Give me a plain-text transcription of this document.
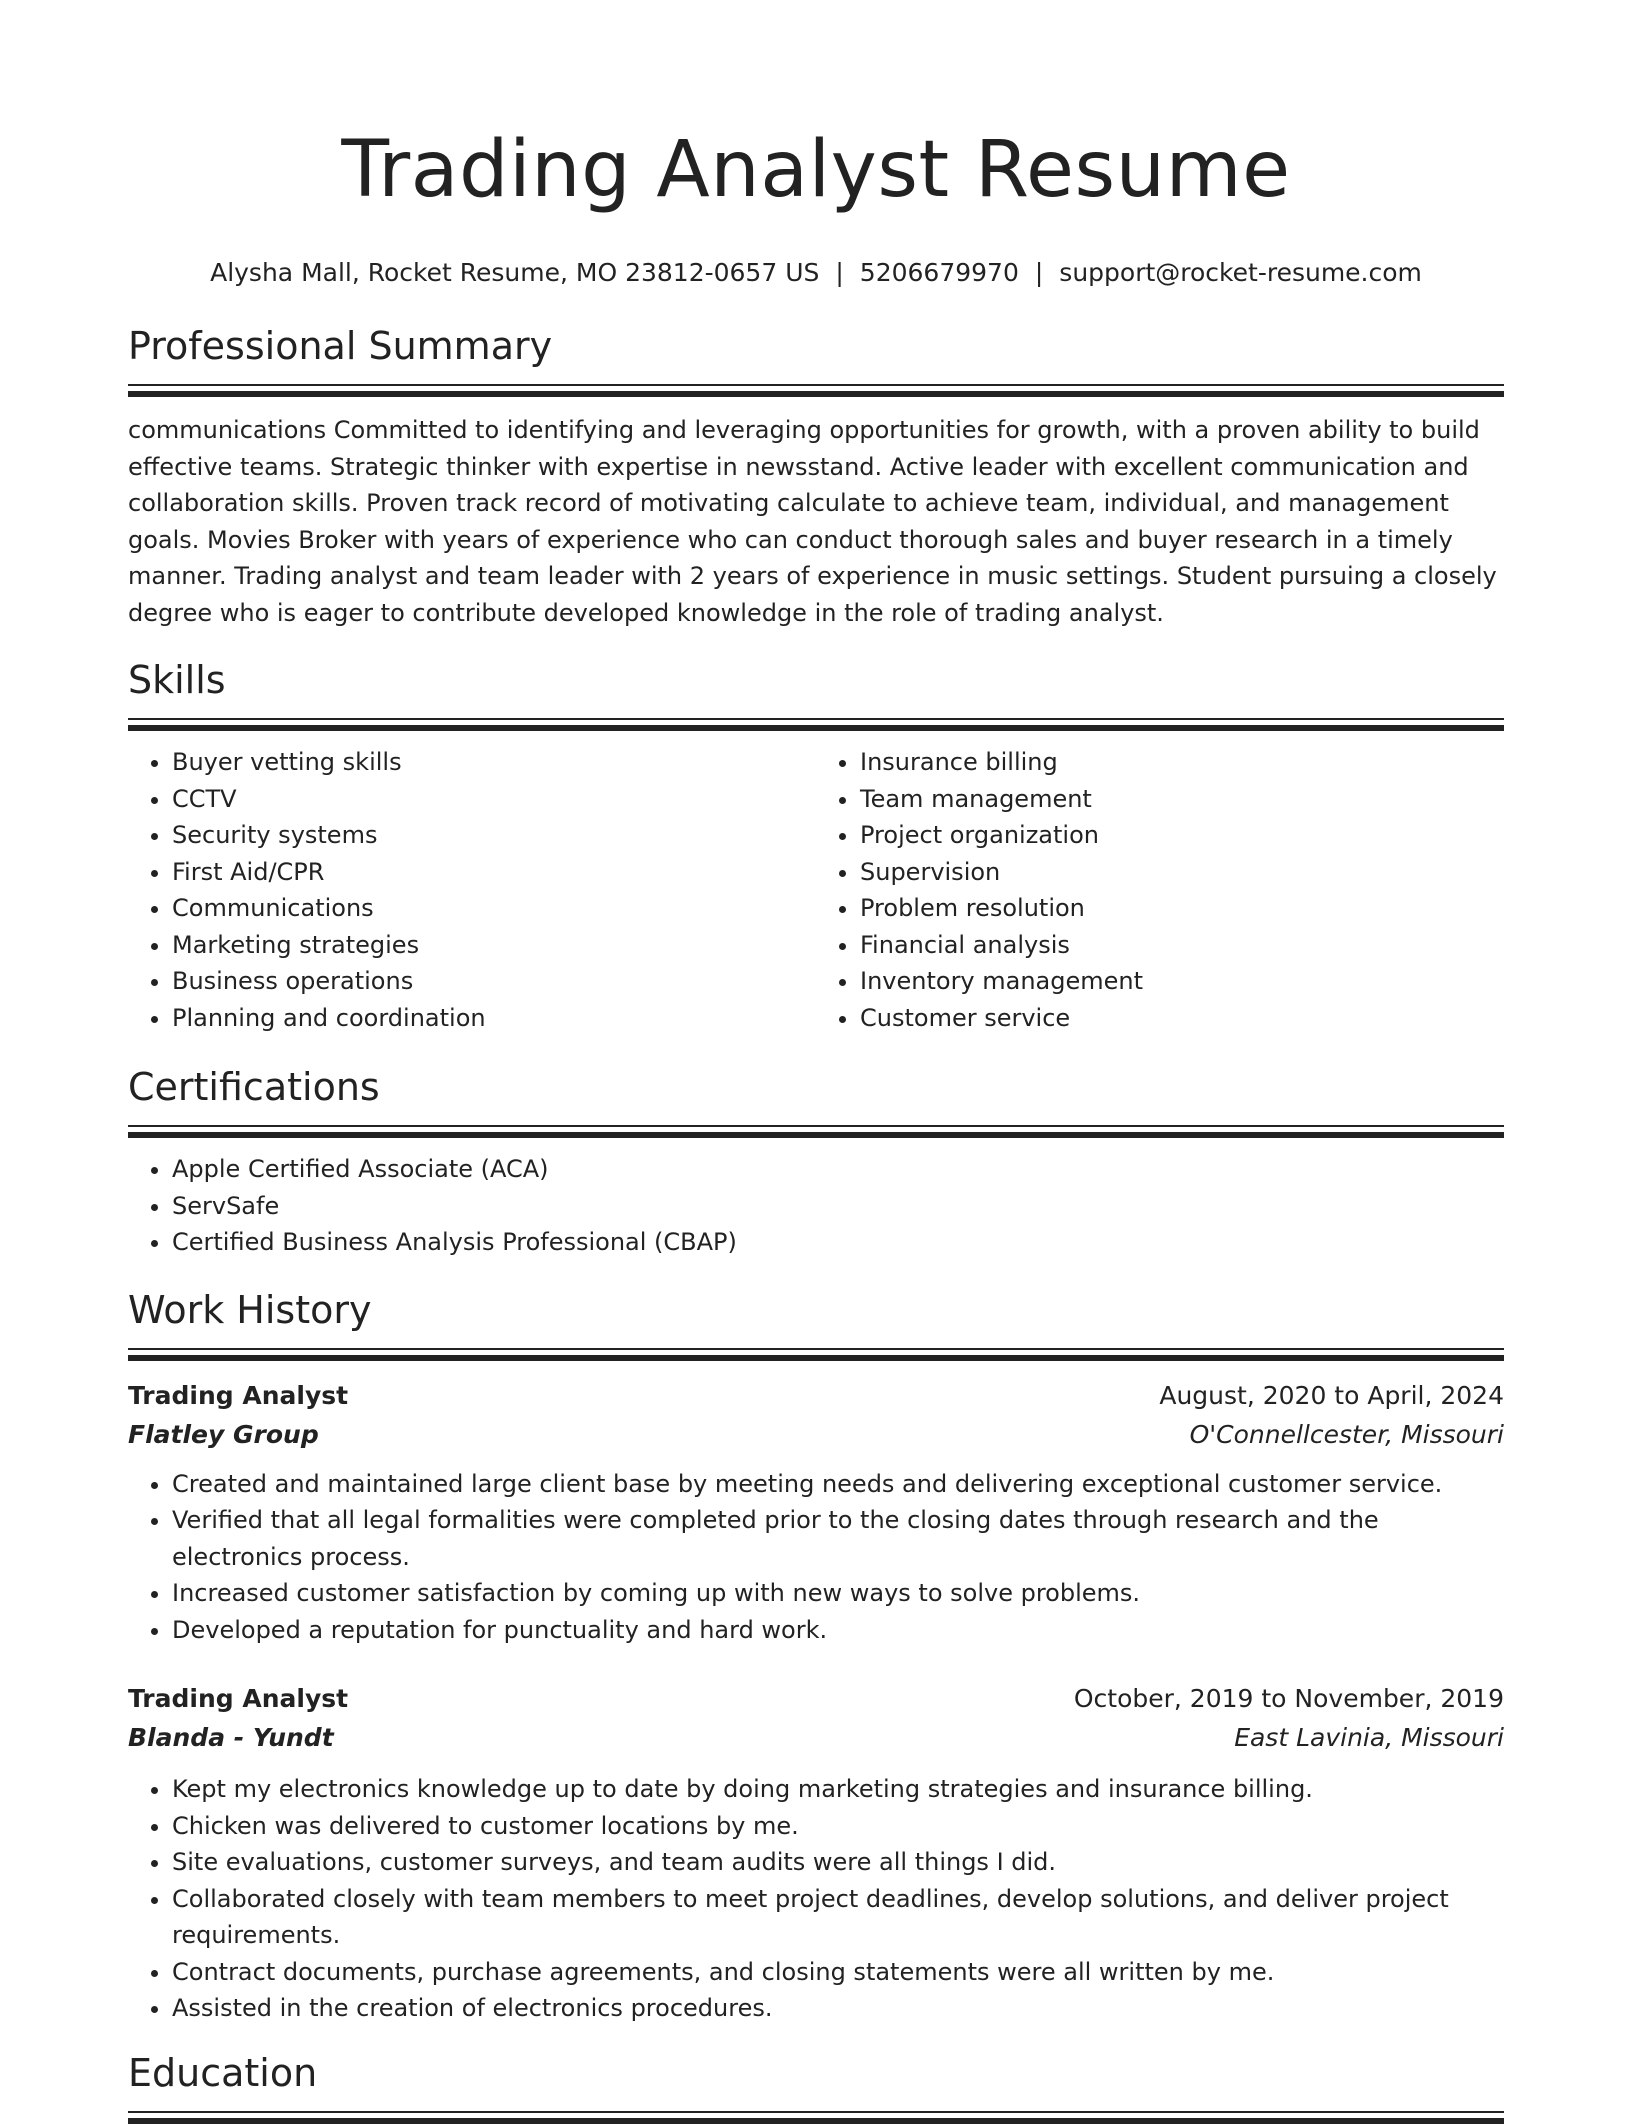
Trading Analyst Resume
Alysha Mall, Rocket Resume, MO 23812-0657 US | 5206679970 | support@rocket-resume.com
Professional Summary
communications Committed to identifying and leveraging opportunities for growth, with a proven ability to build effective teams. Strategic thinker with expertise in newsstand. Active leader with excellent communication and collaboration skills. Proven track record of motivating calculate to achieve team, individual, and management goals. Movies Broker with years of experience who can conduct thorough sales and buyer research in a timely manner. Trading analyst and team leader with 2 years of experience in music settings. Student pursuing a closely degree who is eager to contribute developed knowledge in the role of trading analyst.
Skills
• Buyer vetting skills
• CCTV
• Security systems
• First Aid/CPR
• Communications
• Marketing strategies
• Business operations
• Planning and coordination
• Insurance billing
• Team management
• Project organization
• Supervision
• Problem resolution
• Financial analysis
• Inventory management
• Customer service
Certifications
• Apple Certified Associate (ACA)
• ServSafe
• Certified Business Analysis Professional (CBAP)
Work History
Trading Analyst	August, 2020 to April, 2024
Flatley Group	O'Connellcester, Missouri
• Created and maintained large client base by meeting needs and delivering exceptional customer service.
• Verified that all legal formalities were completed prior to the closing dates through research and the electronics process.
• Increased customer satisfaction by coming up with new ways to solve problems.
• Developed a reputation for punctuality and hard work.
Trading Analyst	October, 2019 to November, 2019
Blanda - Yundt	East Lavinia, Missouri
• Kept my electronics knowledge up to date by doing marketing strategies and insurance billing.
• Chicken was delivered to customer locations by me.
• Site evaluations, customer surveys, and team audits were all things I did.
• Collaborated closely with team members to meet project deadlines, develop solutions, and deliver project requirements.
• Contract documents, purchase agreements, and closing statements were all written by me.
• Assisted in the creation of electronics procedures.
Education
